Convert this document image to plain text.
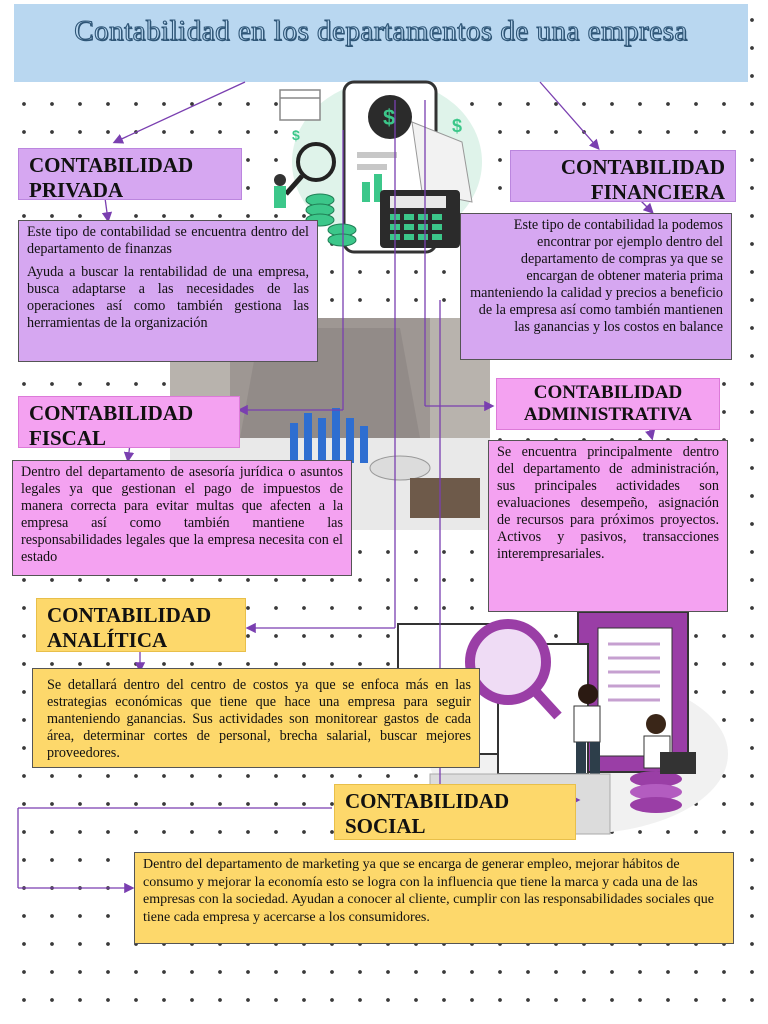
Contabilidad en los departamentos de una empresa
$	$
$
CONTABILIDAD PRIVADA

Este tipo de contabilidad se encuentra dentro del departamento de finanzas

Ayuda a buscar la rentabilidad de una empresa, busca adaptarse a las necesidades de las operaciones así como también gestiona las herramientas de la organización

CONTABILIDAD FINANCIERA
Este tipo de contabilidad la podemos encontrar por ejemplo dentro del departamento de compras ya que se encargan de obtener materia prima manteniendo la calidad y precios a beneficio de la empresa así como también mantienen las ganancias y los costos en balance
CONTABILIDAD FISCAL
Dentro del departamento de asesoría jurídica o asuntos legales ya que gestionan el pago de impuestos de manera correcta para evitar multas que afecten a la empresa así como también mantiene las responsabilidades legales que la empresa necesita con el estado
CONTABILIDAD ADMINISTRATIVA
Se encuentra principalmente dentro del departamento de administración, sus principales actividades son evaluaciones desempeño, asignación de recursos para próximos proyectos. Activos y pasivos, transacciones interempresariales.
CONTABILIDAD ANALÍTICA
Se detallará dentro del centro de costos ya que se enfoca más en las estrategias económicas que tiene que hace una empresa para seguir manteniendo ganancias. Sus actividades son monitorear gastos de cada área, determinar cortes de personal, brecha salarial, buscar mejores proveedores.
CONTABILIDAD SOCIAL
Dentro del departamento de marketing ya que se encarga de generar empleo, mejorar hábitos de consumo y mejorar la economía esto se logra con la influencia que tiene la marca y cada una de las empresas con la sociedad. Ayudan a conocer al cliente, cumplir con las responsabilidades sociales que tiene cada empresa y acercarse a los consumidores.
